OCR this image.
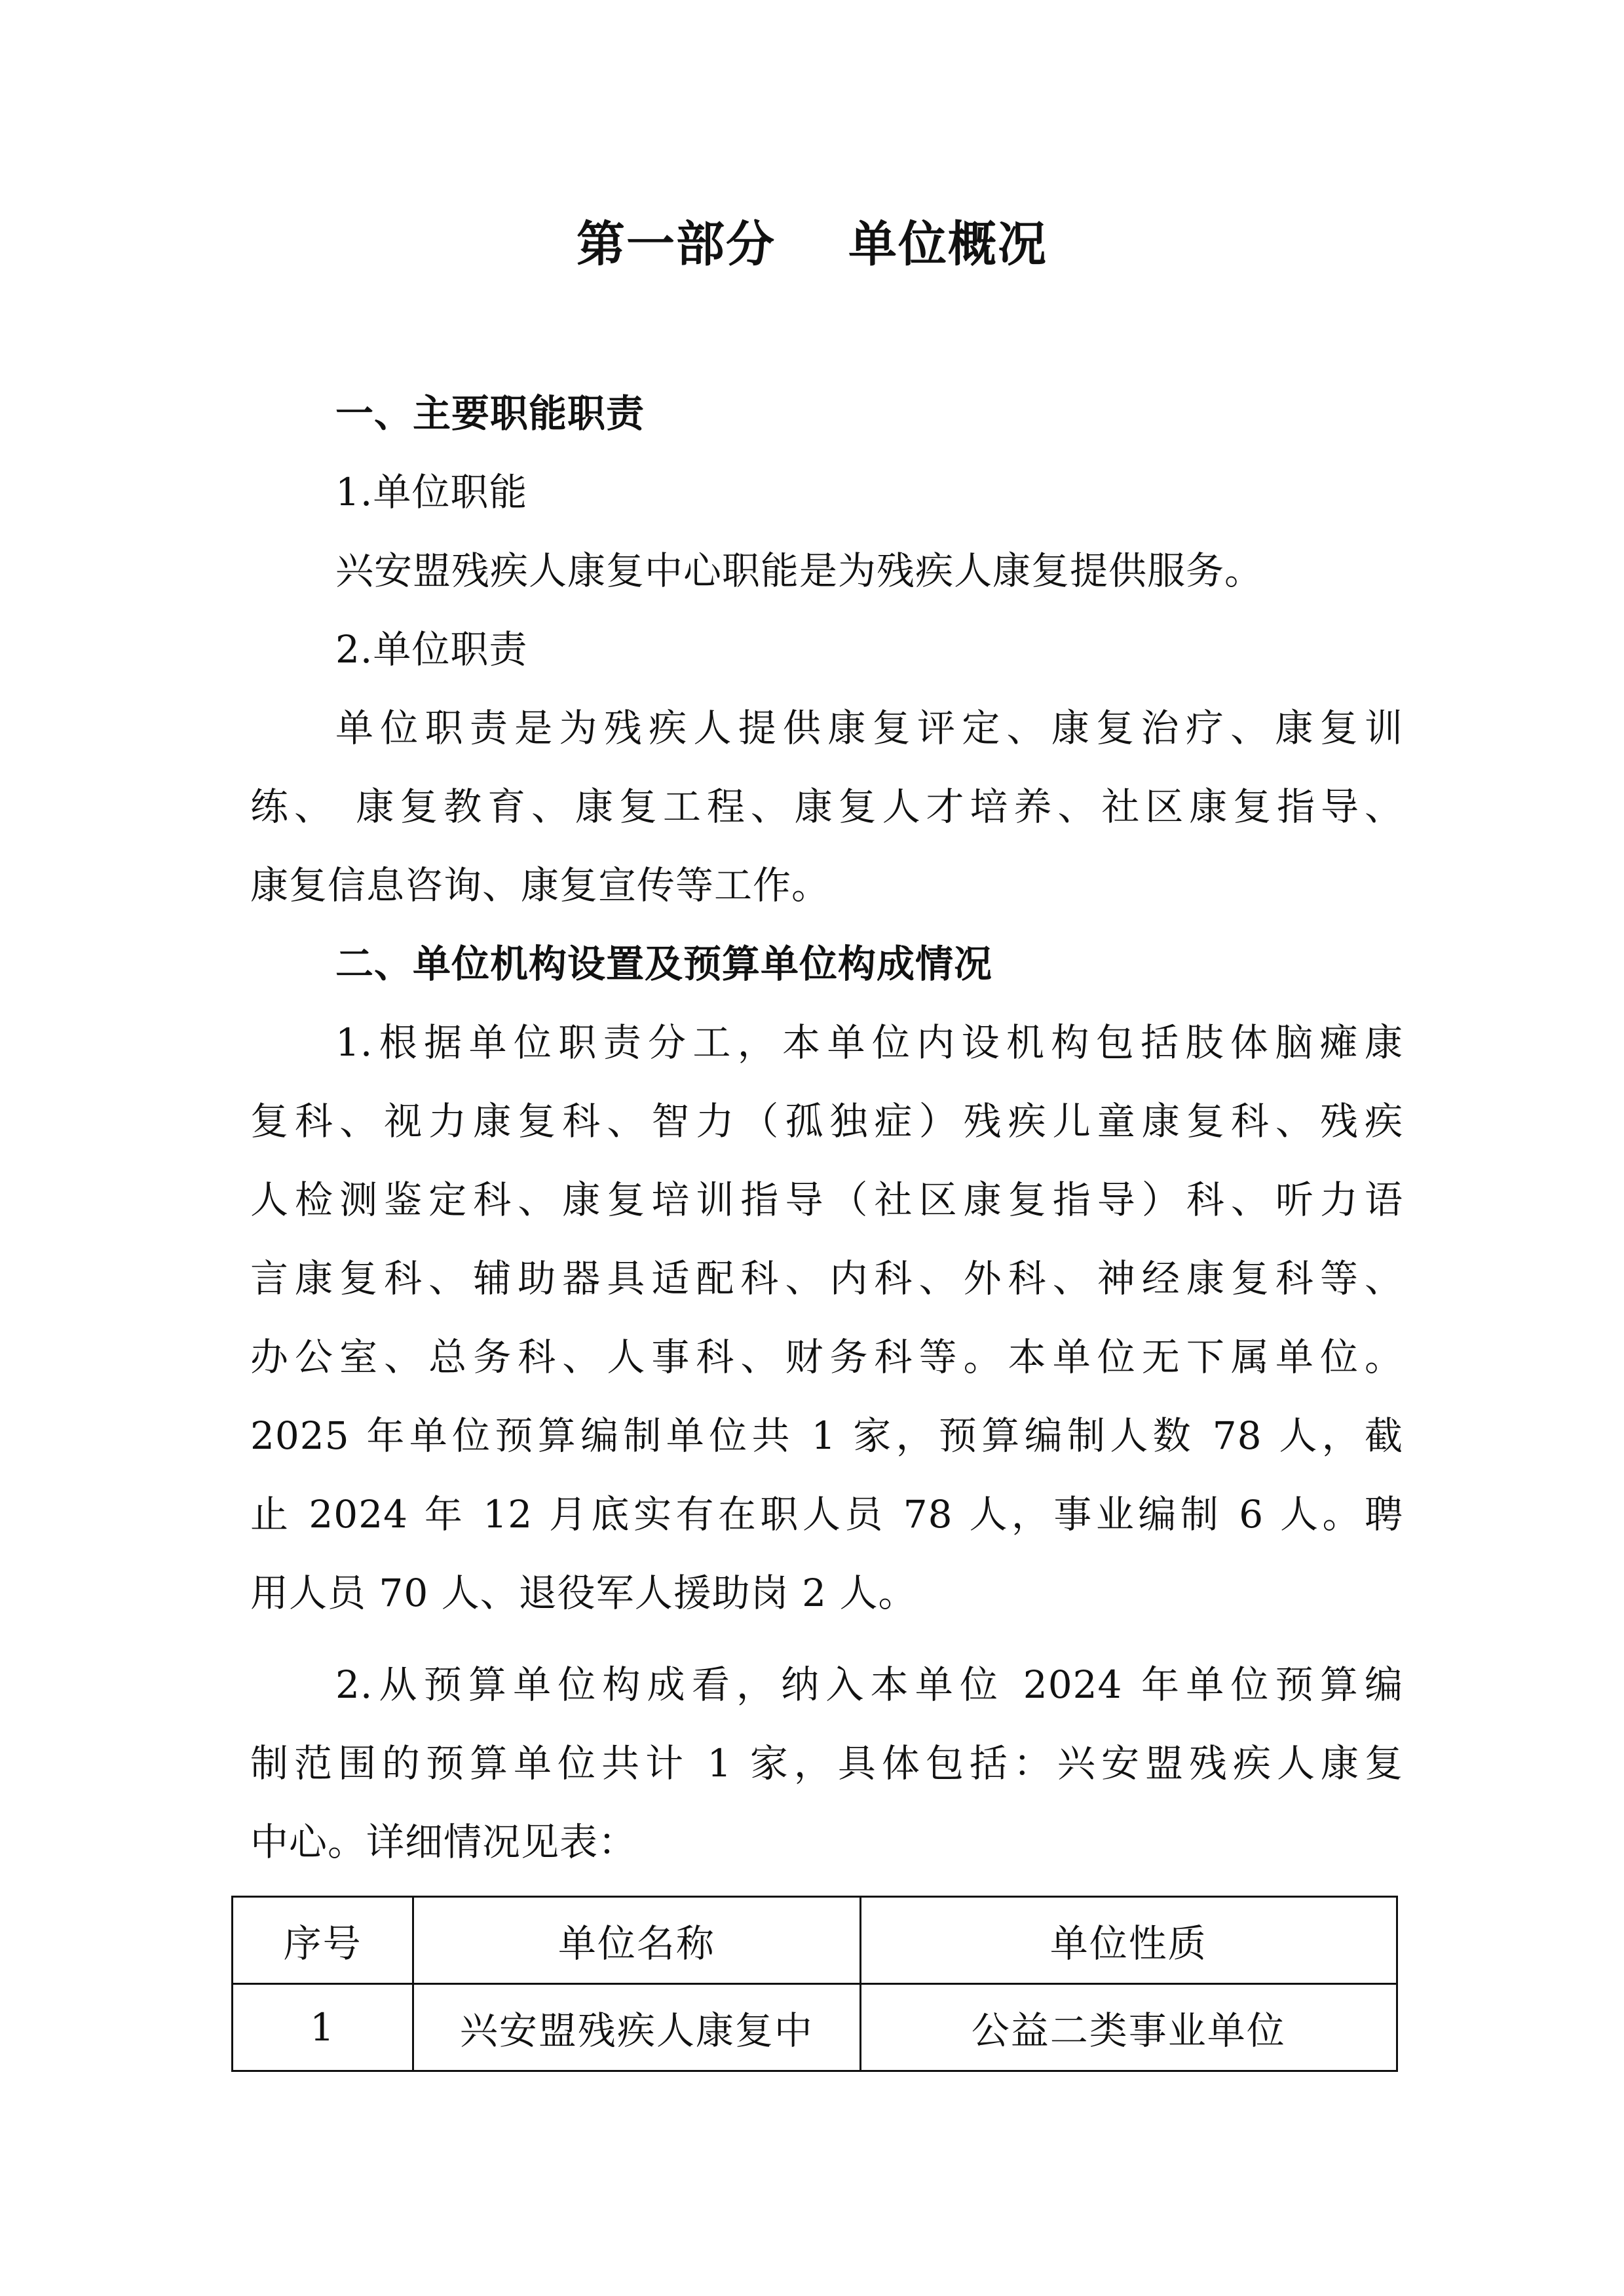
第一部分    单位概况
一、主要职能职责
1.单位职能
兴安盟残疾人康复中心职能是为残疾人康复提供服务。
2.单位职责
单位职责是为残疾人提供康复评定、康复治疗、康复训
练、 康复教育、康复工程、康复人才培养、社区康复指导、
康复信息咨询、康复宣传等工作。
二、单位机构设置及预算单位构成情况
1.根据单位职责分工，本单位内设机构包括肢体脑瘫康
复科、视力康复科、智力（孤独症）残疾儿童康复科、残疾
人检测鉴定科、康复培训指导（社区康复指导）科、听力语
言康复科、辅助器具适配科、内科、外科、神经康复科等、
办公室、总务科、人事科、财务科等。本单位无下属单位。
2025 年单位预算编制单位共 1 家，预算编制人数 78 人，截
止 2024 年 12 月底实有在职人员 78 人，事业编制 6 人。聘
用人员 70 人、退役军人援助岗 2 人。
2.从预算单位构成看，纳入本单位 2024 年单位预算编
制范围的预算单位共计 1 家，具体包括：兴安盟残疾人康复
中心。详细情况见表：
序号	单位名称	单位性质
1	兴安盟残疾人康复中	公益二类事业单位
